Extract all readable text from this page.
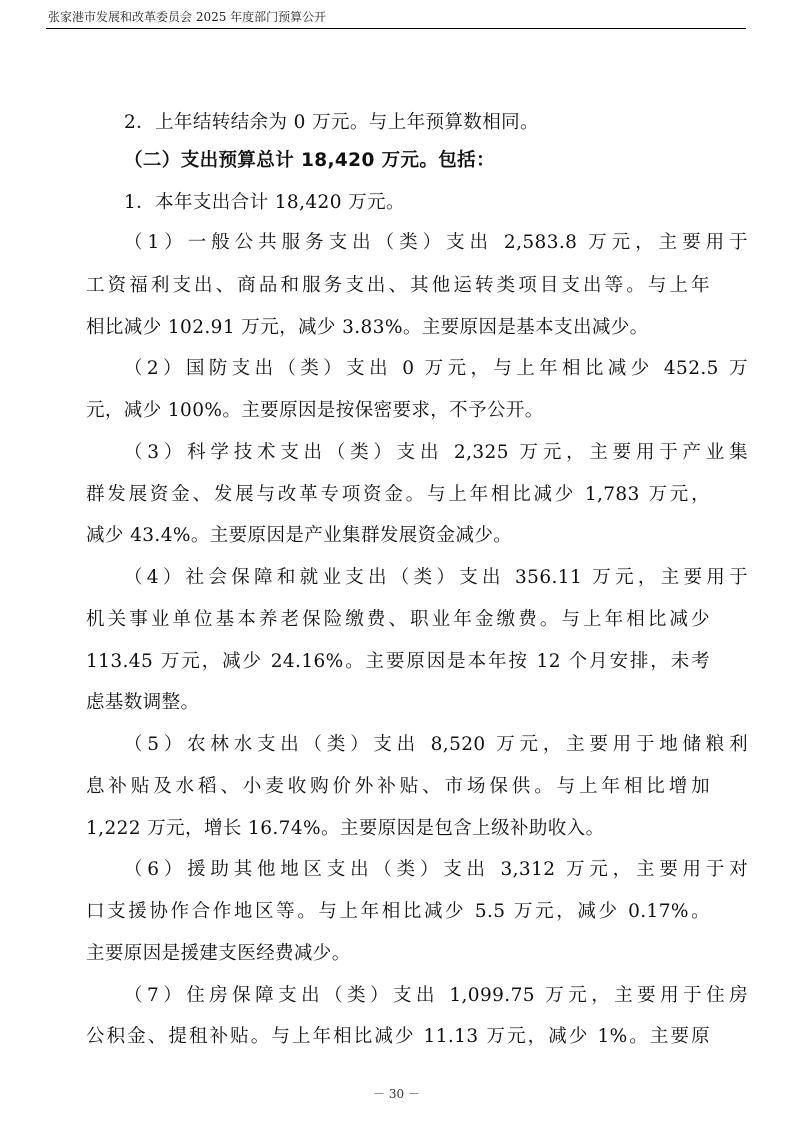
张家港市发展和改革委员会 2025 年度部门预算公开
2．上年结转结余为 0 万元。与上年预算数相同。
（二）支出预算总计 18,420 万元。包括：
1．本年支出合计 18,420 万元。
（1）一般公共服务支出（类）支出 2,583.8 万元，主要用于
工资福利支出、商品和服务支出、其他运转类项目支出等。与上年
相比减少 102.91 万元，减少 3.83%。主要原因是基本支出减少。
（2）国防支出（类）支出 0 万元，与上年相比减少 452.5 万
元，减少 100%。主要原因是按保密要求，不予公开。
（3）科学技术支出（类）支出 2,325 万元，主要用于产业集
群发展资金、发展与改革专项资金。与上年相比减少 1,783 万元，
减少 43.4%。主要原因是产业集群发展资金减少。
（4）社会保障和就业支出（类）支出 356.11 万元，主要用于
机关事业单位基本养老保险缴费、职业年金缴费。与上年相比减少
113.45 万元，减少 24.16%。主要原因是本年按 12 个月安排，未考
虑基数调整。
（5）农林水支出（类）支出 8,520 万元，主要用于地储粮利
息补贴及水稻、小麦收购价外补贴、市场保供。与上年相比增加
1,222 万元，增长 16.74%。主要原因是包含上级补助收入。
（6）援助其他地区支出（类）支出 3,312 万元，主要用于对
口支援协作合作地区等。与上年相比减少 5.5 万元，减少 0.17%。
主要原因是援建支医经费减少。
（7）住房保障支出（类）支出 1,099.75 万元，主要用于住房
公积金、提租补贴。与上年相比减少 11.13 万元，减少 1%。主要原
－ 30 －
